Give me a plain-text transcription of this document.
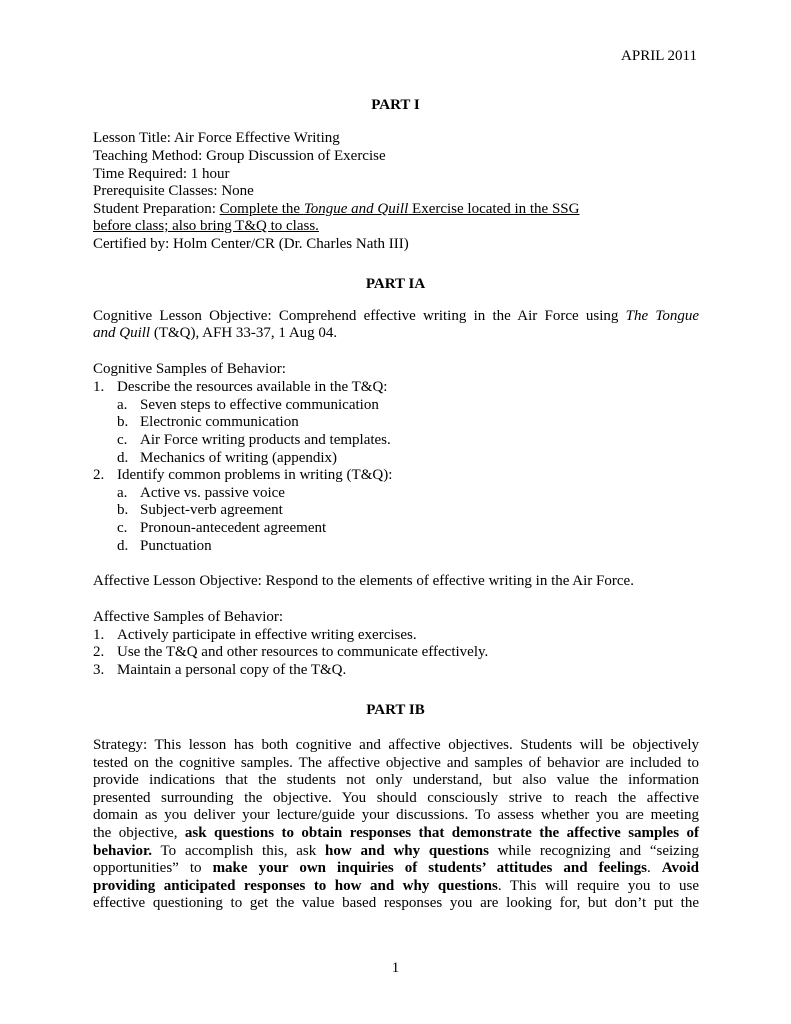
APRIL 2011
PART I
Lesson Title: Air Force Effective Writing
Teaching Method: Group Discussion of Exercise
Time Required: 1 hour
Prerequisite Classes: None
Student Preparation: Complete the Tongue and Quill Exercise located in the SSG
before class; also bring T&Q to class.
Certified by: Holm Center/CR (Dr. Charles Nath III)
PART IA
Cognitive Lesson Objective: Comprehend effective writing in the Air Force using The Tongue
and Quill (T&Q), AFH 33-37, 1 Aug 04.
Cognitive Samples of Behavior:
1. Describe the resources available in the T&Q:
a. Seven steps to effective communication
b. Electronic communication
c. Air Force writing products and templates.
d. Mechanics of writing (appendix)
2. Identify common problems in writing (T&Q):
a. Active vs. passive voice
b. Subject-verb agreement
c. Pronoun-antecedent agreement
d. Punctuation
Affective Lesson Objective: Respond to the elements of effective writing in the Air Force.
Affective Samples of Behavior:
1. Actively participate in effective writing exercises.
2. Use the T&Q and other resources to communicate effectively.
3. Maintain a personal copy of the T&Q.
PART IB
Strategy: This lesson has both cognitive and affective objectives. Students will be objectively
tested on the cognitive samples. The affective objective and samples of behavior are included to
provide indications that the students not only understand, but also value the information
presented surrounding the objective. You should consciously strive to reach the affective
domain as you deliver your lecture/guide your discussions. To assess whether you are meeting
the objective, ask questions to obtain responses that demonstrate the affective samples of
behavior. To accomplish this, ask how and why questions while recognizing and “seizing
opportunities” to make your own inquiries of students’ attitudes and feelings. Avoid
providing anticipated responses to how and why questions. This will require you to use
effective questioning to get the value based responses you are looking for, but don’t put the
1
